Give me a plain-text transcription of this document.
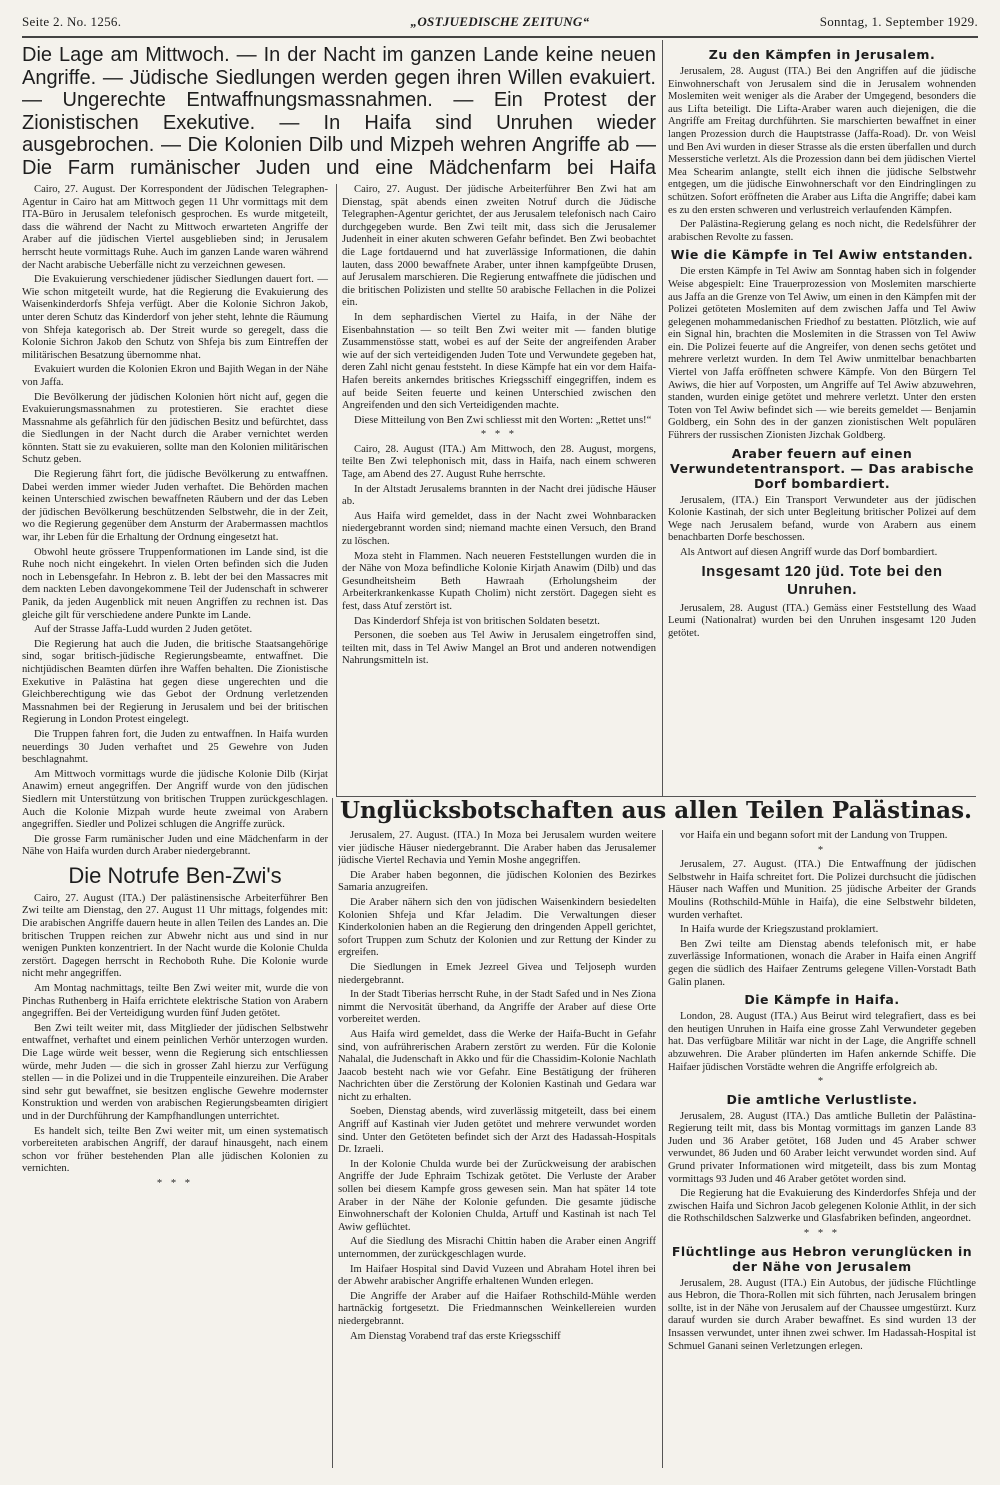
Seite 2. No. 1256.	„OSTJUEDISCHE ZEITUNG“	Sonntag, 1. September 1929.
Die Lage am Mittwoch. — In der Nacht im ganzen Lande keine neuen Angriffe. — Jüdische Siedlungen werden gegen ihren Willen evakuiert. — Ungerechte Entwaffnungsmassnahmen. — Ein Protest der Zionistischen Exekutive. — In Haifa sind Unruhen wieder ausgebrochen. — Die Kolonien Dilb und Mizpeh wehren Angriffe ab — Die Farm rumänischer Juden und eine Mädchenfarm bei Haifa

Cairo, 27. August. Der Korrespondent der Jüdischen Telegraphen-Agentur in Cairo hat am Mittwoch gegen 11 Uhr vormittags mit dem ITA-Büro in Jerusalem telefonisch gesprochen. Es wurde mitgeteilt, dass die während der Nacht zu Mittwoch erwarteten Angriffe der Araber auf die jüdischen Viertel ausgeblieben sind; in Jerusalem herrscht heute vormittags Ruhe. Auch im ganzen Lande waren während der Nacht arabische Ueberfälle nicht zu verzeichnen gewesen.

Die Evakuierung verschiedener jüdischer Siedlungen dauert fort. — Wie schon mitgeteilt wurde, hat die Regierung die Evakuierung des Waisenkinderdorfs Shfeja verfügt. Aber die Kolonie Sichron Jakob, unter deren Schutz das Kinderdorf von jeher steht, lehnte die Räumung von Shfeja kategorisch ab. Der Streit wurde so geregelt, dass die Kolonie Sichron Jakob den Schutz von Shfeja bis zum Eintreffen der militärischen Besatzung übernomme nhat.

Evakuiert wurden die Kolonien Ekron und Bajith Wegan in der Nähe von Jaffa.

Die Bevölkerung der jüdischen Kolonien hört nicht auf, gegen die Evakuierungsmassnahmen zu protestieren. Sie erachtet diese Massnahme als gefährlich für den jüdischen Besitz und befürchtet, dass die Siedlungen in der Nacht durch die Araber vernichtet werden könnten. Statt sie zu evakuieren, sollte man den Kolonien militärischen Schutz geben.

Die Regierung fährt fort, die jüdische Bevölkerung zu entwaffnen. Dabei werden immer wieder Juden verhaftet. Die Behörden machen keinen Unterschied zwischen bewaffneten Räubern und der das Leben der jüdischen Bevölkerung beschützenden Selbstwehr, die in der Zeit, wo die Regierung gegenüber dem Ansturm der Arabermassen machtlos war, ihr Leben für die Erhaltung der Ordnung eingesetzt hat.

Obwohl heute grössere Truppenformationen im Lande sind, ist die Ruhe noch nicht eingekehrt. In vielen Orten befinden sich die Juden noch in Lebensgefahr. In Hebron z. B. lebt der bei den Massacres mit dem nackten Leben davongekommene Teil der Judenschaft in schwerer Panik, da jeden Augenblick mit neuen Angriffen zu rechnen ist. Das gleiche gilt für verschiedene andere Punkte im Lande.

Auf der Strasse Jaffa-Ludd wurden 2 Juden getötet.

Die Regierung hat auch die Juden, die britische Staatsangehörige sind, sogar britisch-jüdische Regierungsbeamte, entwaffnet. Die nichtjüdischen Beamten dürfen ihre Waffen behalten. Die Zionistische Exekutive in Palästina hat gegen diese ungerechten und die Gleichberechtigung wie das Gebot der Ordnung verletzenden Massnahmen bei der Regierung in Jerusalem und bei der britischen Regierung in London Protest eingelegt.

Die Truppen fahren fort, die Juden zu entwaffnen. In Haifa wurden neuerdings 30 Juden verhaftet und 25 Gewehre von Juden beschlagnahmt.

Am Mittwoch vormittags wurde die jüdische Kolonie Dilb (Kirjat Anawim) erneut angegriffen. Der Angriff wurde von den jüdischen Siedlern mit Unterstützung von britischen Truppen zurückgeschlagen. Auch die Kolonie Mizpah wurde heute zweimal von Arabern angegriffen. Siedler und Polizei schlugen die Angriffe zurück.

Die grosse Farm rumänischer Juden und eine Mädchenfarm in der Nähe von Haifa wurden durch Araber niedergebrannt.

Die Notrufe Ben-Zwi's

Cairo, 27. August (ITA.) Der palästinensische Arbeiterführer Ben Zwi teilte am Dienstag, den 27. August 11 Uhr mittags, folgendes mit: Die arabischen Angriffe dauern heute in allen Teilen des Landes an. Die britischen Truppen reichen zur Abwehr nicht aus und sind in nur wenigen Punkten konzentriert. In der Nacht wurde die Kolonie Chulda zerstört. Dagegen herrscht in Rechoboth Ruhe. Die Kolonie wurde nicht mehr angegriffen.

Am Montag nachmittags, teilte Ben Zwi weiter mit, wurde die von Pinchas Ruthenberg in Haifa errichtete elektrische Station von Arabern angegriffen. Bei der Verteidigung wurden fünf Juden getötet.

Ben Zwi teilt weiter mit, dass Mitglieder der jüdischen Selbstwehr entwaffnet, verhaftet und einem peinlichen Verhör unterzogen wurden. Die Lage würde weit besser, wenn die Regierung sich entschliessen würde, mehr Juden — die sich in grosser Zahl hierzu zur Verfügung stellen — in die Polizei und in die Truppenteile einzureihen. Die Araber sind sehr gut bewaffnet, sie besitzen englische Gewehre modernster Konstruktion und werden von arabischen Regierungsbeamten dirigiert und in der Durchführung der Kampfhandlungen unterrichtet.

Es handelt sich, teilte Ben Zwi weiter mit, um einen systematisch vorbereiteten arabischen Angriff, der darauf hinausgeht, nach einem schon vor früher bestehenden Plan alle jüdischen Kolonien zu vernichten.

* * *

Cairo, 27. August. Der jüdische Arbeiterführer Ben Zwi hat am Dienstag, spät abends einen zweiten Notruf durch die Jüdische Telegraphen-Agentur gerichtet, der aus Jerusalem telefonisch nach Cairo durchgegeben wurde. Ben Zwi teilt mit, dass sich die Jerusalemer Judenheit in einer akuten schweren Gefahr befindet. Ben Zwi beobachtet die Lage fortdauernd und hat zuverlässige Informationen, die dahin lauten, dass 2000 bewaffnete Araber, unter ihnen kampfgeübte Drusen, auf Jerusalem marschieren. Die Regierung entwaffnete die jüdischen und die britischen Polizisten und stellte 50 arabische Fellachen in die Polizei ein.

In dem sephardischen Viertel zu Haifa, in der Nähe der Eisenbahnstation — so teilt Ben Zwi weiter mit — fanden blutige Zusammenstösse statt, wobei es auf der Seite der angreifenden Araber wie auf der sich verteidigenden Juden Tote und Verwundete gegeben hat, deren Zahl nicht genau feststeht. In diese Kämpfe hat ein vor dem Haifa-Hafen bereits ankerndes britisches Kriegsschiff eingegriffen, indem es auf beide Seiten feuerte und keinen Unterschied zwischen den Angreifenden und den sich Verteidigenden machte.

Diese Mitteilung von Ben Zwi schliesst mit den Worten: „Rettet uns!“

* * *

Cairo, 28. August (ITA.) Am Mittwoch, den 28. August, morgens, teilte Ben Zwi telephonisch mit, dass in Haifa, nach einem schweren Tage, am Abend des 27. August Ruhe herrschte.

In der Altstadt Jerusalems brannten in der Nacht drei jüdische Häuser ab.

Aus Haifa wird gemeldet, dass in der Nacht zwei Wohnbaracken niedergebrannt worden sind; niemand machte einen Versuch, den Brand zu löschen.

Moza steht in Flammen. Nach neueren Feststellungen wurden die in der Nähe von Moza befindliche Kolonie Kirjath Anawim (Dilb) und das Gesundheitsheim Beth Hawraah (Erholungsheim der Arbeiterkrankenkasse Kupath Cholim) nicht zerstört. Dagegen sieht es fest, dass Atuf zerstört ist.

Das Kinderdorf Shfeja ist von britischen Soldaten besetzt.

Personen, die soeben aus Tel Awiw in Jerusalem eingetroffen sind, teilten mit, dass in Tel Awiw Mangel an Brot und anderen notwendigen Nahrungsmitteln ist.

Zu den Kämpfen in Jerusalem.

Jerusalem, 28. August (ITA.) Bei den Angriffen auf die jüdische Einwohnerschaft von Jerusalem sind die in Jerusalem wohnenden Moslemiten weit weniger als die Araber der Umgegend, besonders die aus Lifta beteiligt. Die Lifta-Araber waren auch diejenigen, die die Angriffe am Freitag durchführten. Sie marschierten bewaffnet in einer langen Prozession durch die Hauptstrasse (Jaffa-Road). Dr. von Weisl und Ben Avi wurden in dieser Strasse als die ersten überfallen und durch Messerstiche verletzt. Als die Prozession dann bei dem jüdischen Viertel Mea Schearim anlangte, stellt eich ihnen die jüdische Selbstwehr entgegen, um die jüdische Einwohnerschaft vor den Eindringlingen zu schützen. Sofort eröffneten die Araber aus Lifta die Angriffe; dabei kam es zu den ersten schweren und verlustreich verlaufenden Kämpfen.

Der Palästina-Regierung gelang es noch nicht, die Redelsführer der arabischen Revolte zu fassen.

Wie die Kämpfe in Tel Awiw entstanden.

Die ersten Kämpfe in Tel Awiw am Sonntag haben sich in folgender Weise abgespielt: Eine Trauerprozession von Moslemiten marschierte aus Jaffa an die Grenze von Tel Awiw, um einen in den Kämpfen mit der Polizei getöteten Moslemiten auf dem zwischen Jaffa und Tel Awiw gelegenen mohammedanischen Friedhof zu bestatten. Plötzlich, wie auf ein Signal hin, brachten die Moslemiten in die Strassen von Tel Awiw ein. Die Polizei feuerte auf die Angreifer, von denen sechs getötet und mehrere verletzt wurden. In dem Tel Awiw unmittelbar benachbarten Viertel von Jaffa eröffneten schwere Kämpfe. Von den Bürgern Tel Awiws, die hier auf Vorposten, um Angriffe auf Tel Awiw abzuwehren, standen, wurden einige getötet und mehrere verletzt. Unter den ersten Toten von Tel Awiw befindet sich — wie bereits gemeldet — Benjamin Goldberg, ein Sohn des in der ganzen zionistischen Welt populären Führers der russischen Zionisten Jizchak Goldberg.

Araber feuern auf einen Verwundetentransport. — Das arabische Dorf bombardiert.

Jerusalem, (ITA.) Ein Transport Verwundeter aus der jüdischen Kolonie Kastinah, der sich unter Begleitung britischer Polizei auf dem Wege nach Jerusalem befand, wurde von Arabern aus einem benachbarten Dorfe beschossen.

Als Antwort auf diesen Angriff wurde das Dorf bombardiert.

Insgesamt 120 jüd. Tote bei den Unruhen.

Jerusalem, 28. August (ITA.) Gemäss einer Feststellung des Waad Leumi (Nationalrat) wurden bei den Unruhen insgesamt 120 Juden getötet.

Unglücksbotschaften aus allen Teilen Palästinas.

Jerusalem, 27. August. (ITA.) In Moza bei Jerusalem wurden weitere vier jüdische Häuser niedergebrannt. Die Araber haben das Jerusalemer jüdische Viertel Rechavia und Yemin Moshe angegriffen.

Die Araber haben begonnen, die jüdischen Kolonien des Bezirkes Samaria anzugreifen.

Die Araber nähern sich den von jüdischen Waisenkindern besiedelten Kolonien Shfeja und Kfar Jeladim. Die Verwaltungen dieser Kinderkolonien haben an die Regierung den dringenden Appell gerichtet, sofort Truppen zum Schutz der Kolonien und zur Rettung der Kinder zu ergreifen.

Die Siedlungen in Emek Jezreel Givea und Teljoseph wurden niedergebrannt.

In der Stadt Tiberias herrscht Ruhe, in der Stadt Safed und in Nes Ziona nimmt die Nervosität überhand, da Angriffe der Araber auf diese Orte vorbereitet werden.

Aus Haifa wird gemeldet, dass die Werke der Haifa-Bucht in Gefahr sind, von aufrührerischen Arabern zerstört zu werden. Für die Kolonie Nahalal, die Judenschaft in Akko und für die Chassidim-Kolonie Nachlath Jaacob besteht nach wie vor Gefahr. Eine Bestätigung der früheren Nachrichten über die Zerstörung der Kolonien Kastinah und Gedara war nicht zu erhalten.

Soeben, Dienstag abends, wird zuverlässig mitgeteilt, dass bei einem Angriff auf Kastinah vier Juden getötet und mehrere verwundet worden sind. Unter den Getöteten befindet sich der Arzt des Hadassah-Hospitals Dr. Izraeli.

In der Kolonie Chulda wurde bei der Zurückweisung der arabischen Angriffe der Jude Ephraim Tschizak getötet. Die Verluste der Araber sollen bei diesem Kampfe gross gewesen sein. Man hat später 14 tote Araber in der Nähe der Kolonie gefunden. Die gesamte jüdische Einwohnerschaft der Kolonien Chulda, Artuff und Kastinah ist nach Tel Awiw geflüchtet.

Auf die Siedlung des Misrachi Chittin haben die Araber einen Angriff unternommen, der zurückgeschlagen wurde.

Im Haifaer Hospital sind David Vuzeen und Abraham Hotel ihren bei der Abwehr arabischer Angriffe erhaltenen Wunden erlegen.

Die Angriffe der Araber auf die Haifaer Rothschild-Mühle werden hartnäckig fortgesetzt. Die Friedmannschen Weinkellereien wurden niedergebrannt.

Am Dienstag Vorabend traf das erste Kriegsschiff

vor Haifa ein und begann sofort mit der Landung von Truppen.

*

Jerusalem, 27. August. (ITA.) Die Entwaffnung der jüdischen Selbstwehr in Haifa schreitet fort. Die Polizei durchsucht die jüdischen Häuser nach Waffen und Munition. 25 jüdische Arbeiter der Grands Moulins (Rothschild-Mühle in Haifa), die eine Selbstwehr bildeten, wurden verhaftet.

In Haifa wurde der Kriegszustand proklamiert.

Ben Zwi teilte am Dienstag abends telefonisch mit, er habe zuverlässige Informationen, wonach die Araber in Haifa einen Angriff gegen die südlich des Haifaer Zentrums gelegene Villen-Vorstadt Bath Galin planen.

Die Kämpfe in Haifa.

London, 28. August (ITA.) Aus Beirut wird telegrafiert, dass es bei den heutigen Unruhen in Haifa eine grosse Zahl Verwundeter gegeben hat. Das verfügbare Militär war nicht in der Lage, die Angriffe schnell abzuwehren. Die Araber plünderten im Hafen ankernde Schiffe. Die Haifaer jüdischen Vorstädte wehren die Angriffe erfolgreich ab.

*

Die amtliche Verlustliste.

Jerusalem, 28. August (ITA.) Das amtliche Bulletin der Palästina-Regierung teilt mit, dass bis Montag vormittags im ganzen Lande 83 Juden und 36 Araber getötet, 168 Juden und 45 Araber schwer verwundet, 86 Juden und 60 Araber leicht verwundet worden sind. Auf Grund privater Informationen wird mitgeteilt, dass bis zum Montag vormittags 93 Juden und 46 Araber getötet worden sind.

Die Regierung hat die Evakuierung des Kinderdorfes Shfeja und der zwischen Haifa und Sichron Jacob gelegenen Kolonie Athlit, in der sich die Rothschildschen Salzwerke und Glasfabriken befinden, angeordnet.

* * *

Flüchtlinge aus Hebron verunglücken in der Nähe von Jerusalem

Jerusalem, 28. August (ITA.) Ein Autobus, der jüdische Flüchtlinge aus Hebron, die Thora-Rollen mit sich führten, nach Jerusalem bringen sollte, ist in der Nähe von Jerusalem auf der Chaussee umgestürzt. Kurz darauf wurden sie durch Araber bewaffnet. Es sind wurden 13 der Insassen verwundet, unter ihnen zwei schwer. Im Hadassah-Hospital ist Schmuel Ganani seinen Verletzungen erlegen.
